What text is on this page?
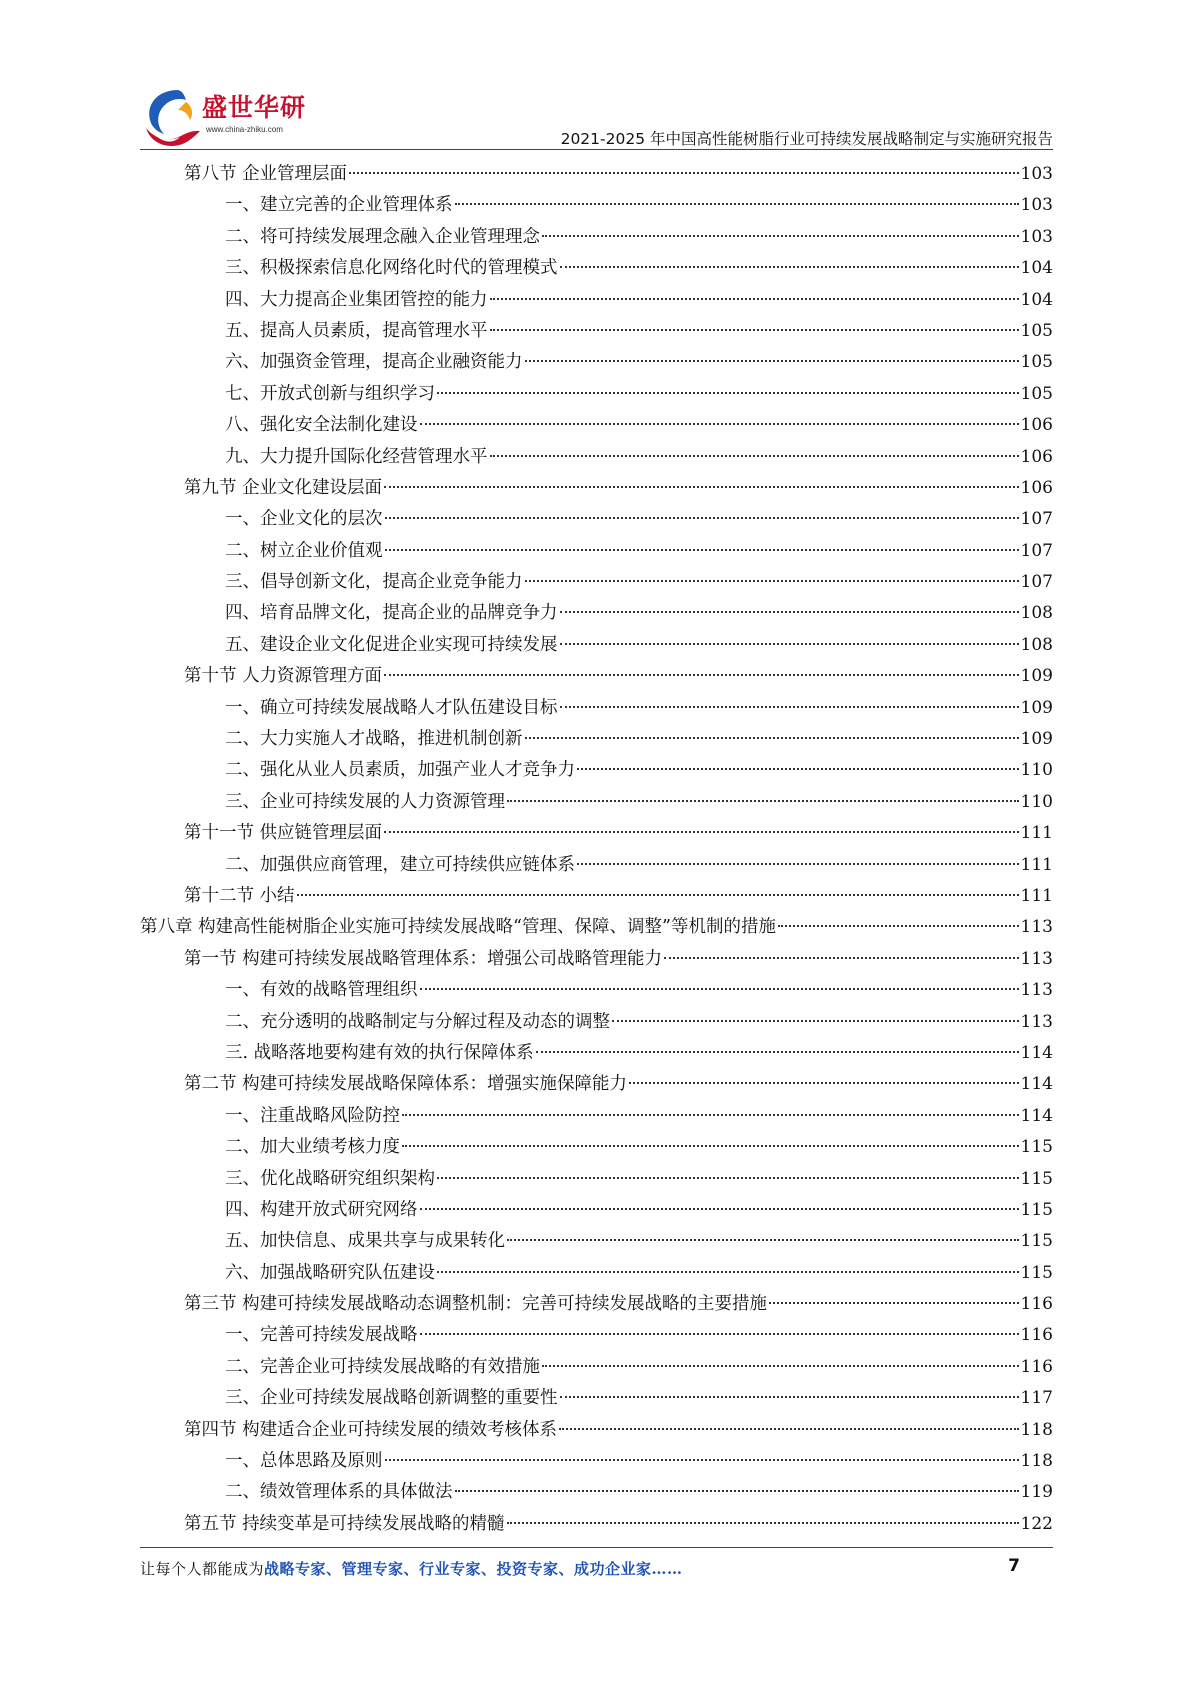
盛世华研
www.china-zhiku.com
2021-2025 年中国高性能树脂行业可持续发展战略制定与实施研究报告
第八节 企业管理层面	103
一、建立完善的企业管理体系	103
二、将可持续发展理念融入企业管理理念	103
三、积极探索信息化网络化时代的管理模式	104
四、大力提高企业集团管控的能力	104
五、提高人员素质，提高管理水平	105
六、加强资金管理，提高企业融资能力	105
七、开放式创新与组织学习	105
八、强化安全法制化建设	106
九、大力提升国际化经营管理水平	106
第九节 企业文化建设层面	106
一、企业文化的层次	107
二、树立企业价值观	107
三、倡导创新文化，提高企业竞争能力	107
四、培育品牌文化，提高企业的品牌竞争力	108
五、建设企业文化促进企业实现可持续发展	108
第十节 人力资源管理方面	109
一、确立可持续发展战略人才队伍建设目标	109
二、大力实施人才战略，推进机制创新	109
二、强化从业人员素质，加强产业人才竞争力	110
三、企业可持续发展的人力资源管理	110
第十一节 供应链管理层面	111
二、加强供应商管理，建立可持续供应链体系	111
第十二节 小结	111
第八章 构建高性能树脂企业实施可持续发展战略“管理、保障、调整”等机制的措施	113
第一节 构建可持续发展战略管理体系：增强公司战略管理能力	113
一、有效的战略管理组织	113
二、充分透明的战略制定与分解过程及动态的调整	113
三. 战略落地要构建有效的执行保障体系	114
第二节 构建可持续发展战略保障体系：增强实施保障能力	114
一、注重战略风险防控	114
二、加大业绩考核力度	115
三、优化战略研究组织架构	115
四、构建开放式研究网络	115
五、加快信息、成果共享与成果转化	115
六、加强战略研究队伍建设	115
第三节 构建可持续发展战略动态调整机制：完善可持续发展战略的主要措施	116
一、完善可持续发展战略	116
二、完善企业可持续发展战略的有效措施	116
三、企业可持续发展战略创新调整的重要性	117
第四节 构建适合企业可持续发展的绩效考核体系	118
一、总体思路及原则	118
二、绩效管理体系的具体做法	119
第五节 持续变革是可持续发展战略的精髓	122
让每个人都能成为战略专家、管理专家、行业专家、投资专家、成功企业家……	7
